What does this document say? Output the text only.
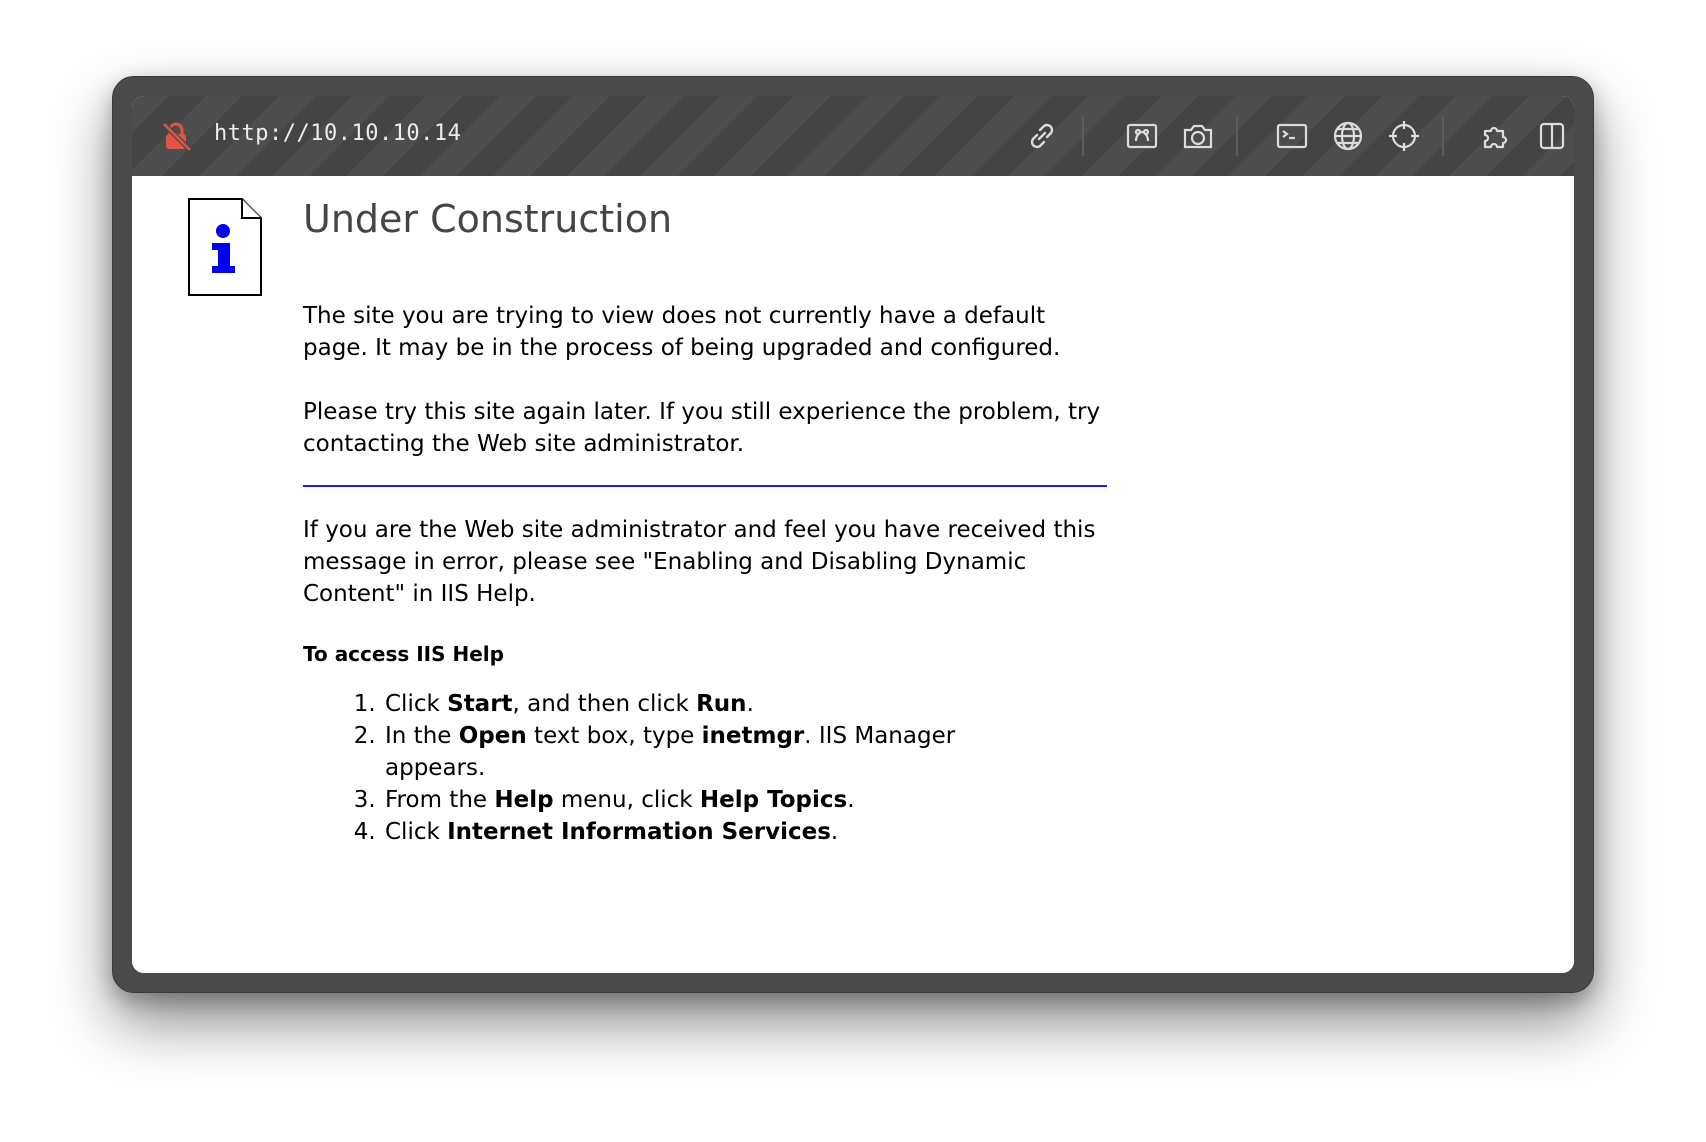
http://10.10.10.14
Under Construction

The site you are trying to view does not currently have a default page. It may be in the process of being upgraded and configured.

Please try this site again later. If you still experience the problem, try contacting the Web site administrator.

If you are the Web site administrator and feel you have received this message in error, please see "Enabling and Disabling Dynamic Content" in IIS Help.

To access IIS Help

1. Click Start, and then click Run.
2. In the Open text box, type inetmgr. IIS Manager appears.
3. From the Help menu, click Help Topics.
4. Click Internet Information Services.
